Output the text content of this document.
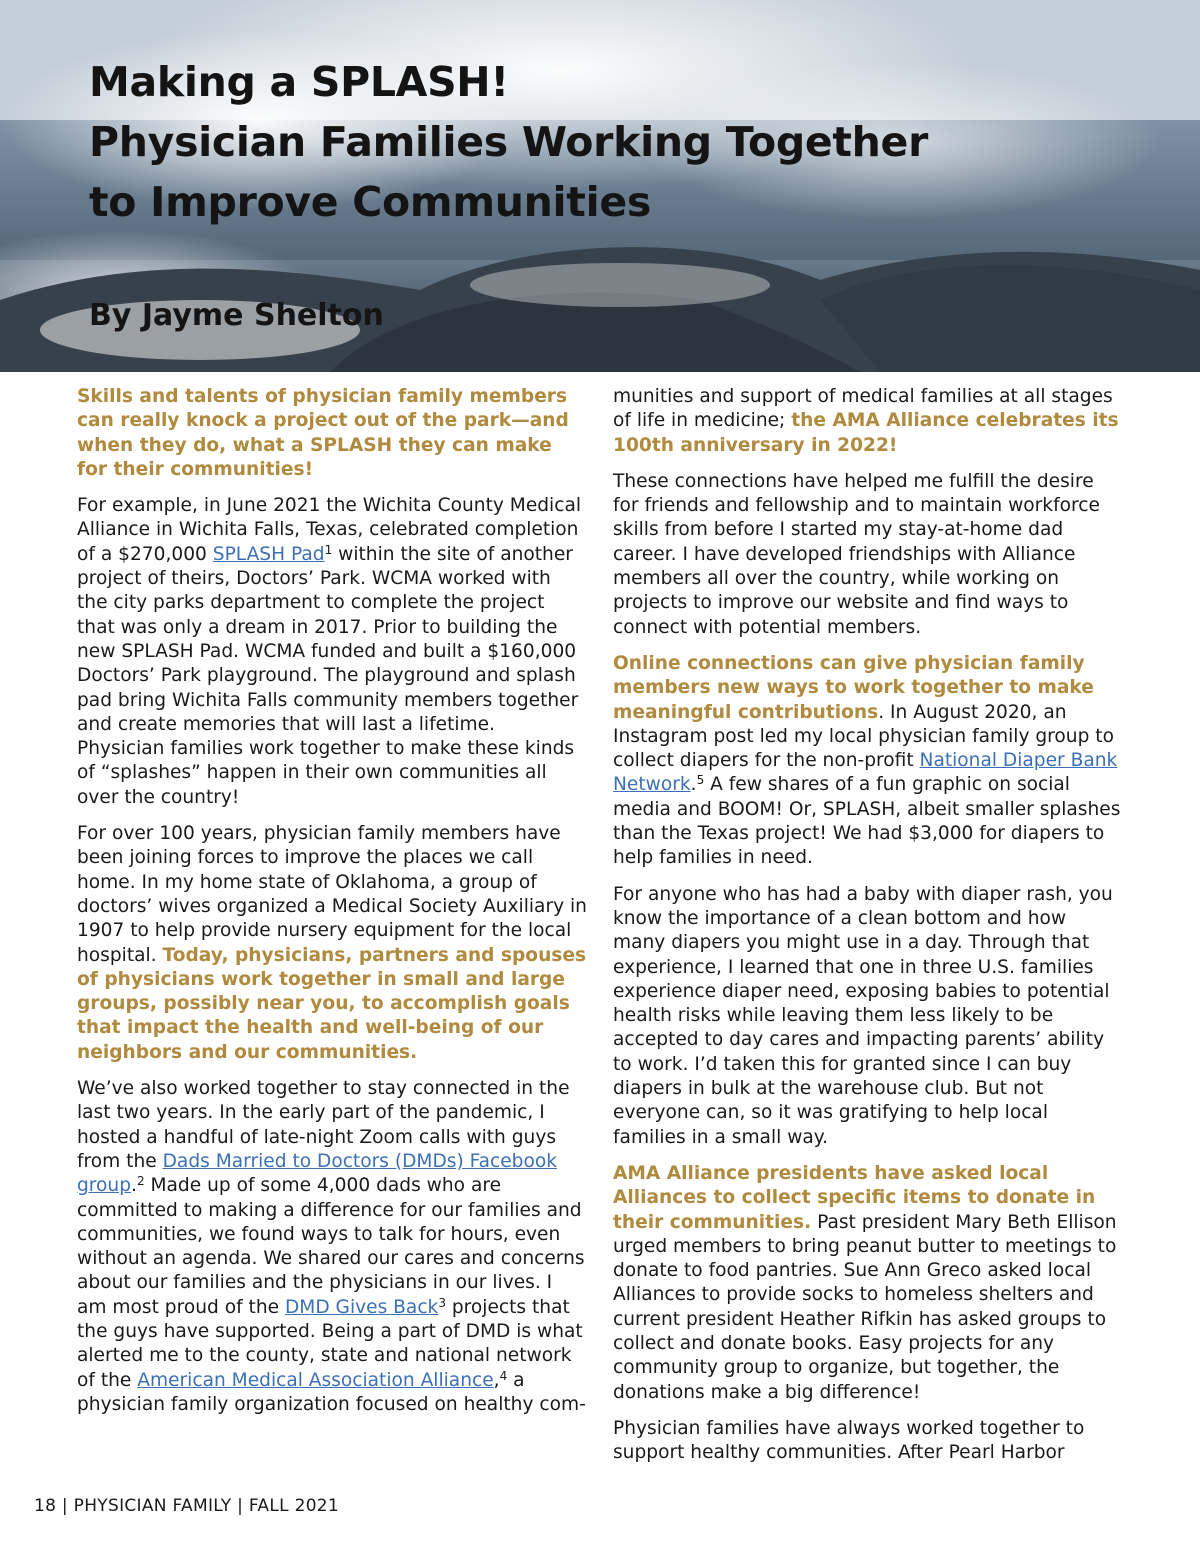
Making a SPLASH!
Physician Families Working Together
to Improve Communities
By Jayme Shelton

Skills and talents of physician family members can really knock a project out of the park—and when they do, what a SPLASH they can make for their communities!

For example, in June 2021 the Wichita County Medical Alliance in Wichita Falls, Texas, celebrated completion of a $270,000 SPLASH Pad$^1$ within the site of another project of theirs, Doctors’ Park. WCMA worked with the city parks department to complete the project that was only a dream in 2017. Prior to building the new SPLASH Pad. WCMA funded and built a $160,000 Doctors’ Park playground. The playground and splash pad bring Wichita Falls community members together and create memories that will last a lifetime. Physician families work together to make these kinds of “splashes” happen in their own communities all over the country!

For over 100 years, physician family members have been joining forces to improve the places we call home. In my home state of Oklahoma, a group of doctors’ wives organized a Medical Society Auxiliary in 1907 to help provide nursery equipment for the local hospital. Today, physicians, partners and spouses of physicians work together in small and large groups, possibly near you, to accomplish goals that impact the health and well-being of our neighbors and our communities.

We’ve also worked together to stay connected in the last two years. In the early part of the pandemic, I hosted a handful of late-night Zoom calls with guys from the Dads Married to Doctors (DMDs) Facebook group.$^2$ Made up of some 4,000 dads who are committed to making a difference for our families and communities, we found ways to talk for hours, even without an agenda. We shared our cares and concerns about our families and the physicians in our lives. I am most proud of the DMD Gives Back$^3$ projects that the guys have supported. Being a part of DMD is what alerted me to the county, state and national network of the American Medical Association Alliance,$^4$ a physician family organization focused on healthy com-

munities and support of medical families at all stages of life in medicine; the AMA Alliance celebrates its 100th anniversary in 2022!

These connections have helped me fulfill the desire for friends and fellowship and to maintain workforce skills from before I started my stay-at-home dad career. I have developed friendships with Alliance members all over the country, while working on projects to improve our website and find ways to connect with potential members.

Online connections can give physician family members new ways to work together to make meaningful contributions. In August 2020, an Instagram post led my local physician family group to collect diapers for the non-profit National Diaper Bank Network.$^5$ A few shares of a fun graphic on social media and BOOM! Or, SPLASH, albeit smaller splashes than the Texas project! We had $3,000 for diapers to help families in need.

For anyone who has had a baby with diaper rash, you know the importance of a clean bottom and how many diapers you might use in a day. Through that experience, I learned that one in three U.S. families experience diaper need, exposing babies to potential health risks while leaving them less likely to be accepted to day cares and impacting parents’ ability to work. I’d taken this for granted since I can buy diapers in bulk at the warehouse club. But not everyone can, so it was gratifying to help local families in a small way.

AMA Alliance presidents have asked local Alliances to collect specific items to donate in their communities. Past president Mary Beth Ellison urged members to bring peanut butter to meetings to donate to food pantries. Sue Ann Greco asked local Alliances to provide socks to homeless shelters and current president Heather Rifkin has asked groups to collect and donate books. Easy projects for any community group to organize, but together, the donations make a big difference!

Physician families have always worked together to support healthy communities. After Pearl Harbor

18 | PHYSICIAN FAMILY | FALL 2021
